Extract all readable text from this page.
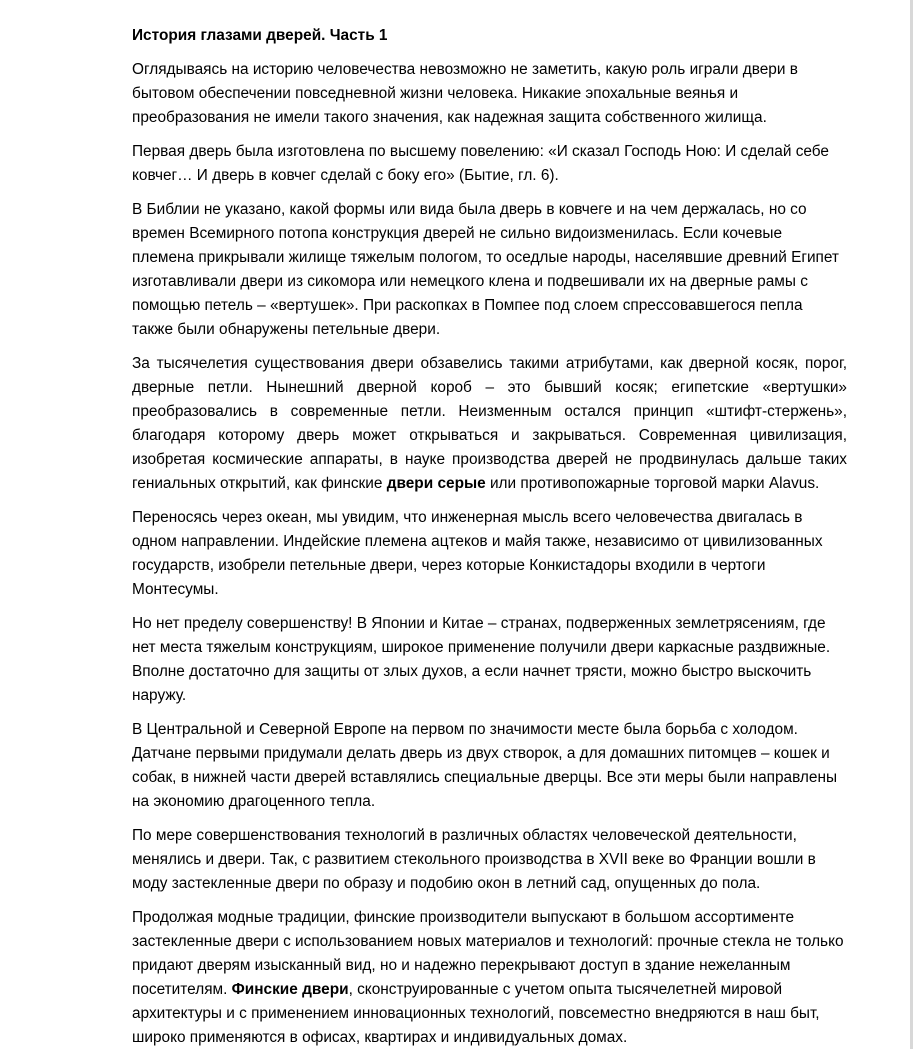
История глазами дверей. Часть 1

Оглядываясь на историю человечества невозможно не заметить, какую роль играли двери в бытовом обеспечении повседневной жизни человека. Никакие эпохальные веянья и преобразования не имели такого значения, как надежная защита собственного жилища.

Первая дверь была изготовлена по высшему повелению: «И сказал Господь Ною: И сделай себе ковчег… И дверь в ковчег сделай с боку его» (Бытие, гл. 6).

В Библии не указано, какой формы или вида была дверь в ковчеге и на чем держалась, но со времен Всемирного потопа конструкция дверей не сильно видоизменилась. Если кочевые племена прикрывали жилище тяжелым пологом, то оседлые народы, населявшие древний Египет изготавливали двери из сикомора или немецкого клена и подвешивали их на дверные рамы с помощью петель – «вертушек». При раскопках в Помпее под слоем спрессовавшегося пепла также были обнаружены петельные двери.

За тысячелетия существования двери обзавелись такими атрибутами, как дверной косяк, порог, дверные петли. Нынешний дверной короб – это бывший косяк; египетские «вертушки» преобразовались в современные петли. Неизменным остался принцип «штифт-стержень», благодаря которому дверь может открываться и закрываться. Современная цивилизация, изобретая космические аппараты, в науке производства дверей не продвинулась дальше таких гениальных открытий, как финские двери серые или противопожарные торговой марки Alavus.

Переносясь через океан, мы увидим, что инженерная мысль всего человечества двигалась в одном направлении. Индейские племена ацтеков и майя также, независимо от цивилизованных государств, изобрели петельные двери, через которые Конкистадоры входили в чертоги Монтесумы.

Но нет пределу совершенству! В Японии и Китае – странах, подверженных землетрясениям, где нет места тяжелым конструкциям, широкое применение получили двери каркасные раздвижные. Вполне достаточно для защиты от злых духов, а если начнет трясти, можно быстро выскочить наружу.

В Центральной и Северной Европе на первом по значимости месте была борьба с холодом. Датчане первыми придумали делать дверь из двух створок, а для домашних питомцев – кошек и собак, в нижней части дверей вставлялись специальные дверцы. Все эти меры были направлены на экономию драгоценного тепла.

По мере совершенствования технологий в различных областях человеческой деятельности, менялись и двери. Так, с развитием стекольного производства в XVII веке во Франции вошли в моду застекленные двери по образу и подобию окон в летний сад, опущенных до пола.

Продолжая модные традиции, финские производители выпускают в большом ассортименте застекленные двери с использованием новых материалов и технологий: прочные стекла не только придают дверям изысканный вид, но и надежно перекрывают доступ в здание нежеланным посетителям. Финские двери, сконструированные с учетом опыта тысячелетней мировой архитектуры и с применением инновационных технологий, повсеместно внедряются в наш быт, широко применяются в офисах, квартирах и индивидуальных домах.
